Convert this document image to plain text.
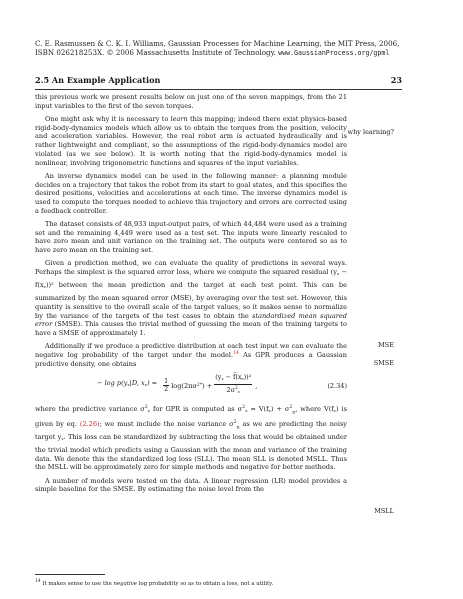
C. E. Rasmussen & C. K. I. Williams, Gaussian Processes for Machine Learning, the MIT Press, 2006,
ISBN 026218253X. © 2006 Massachusetts Institute of Technology. www.GaussianProcess.org/gpml
2.5 An Example Application	23

this previous work we present results below on just one of the seven mappings, from the 21 input variables to the first of the seven torques.

One might ask why it is necessary to learn this mapping; indeed there exist physics-based rigid-body-dynamics models which allow us to obtain the torques from the position, velocity and acceleration variables. However, the real robot arm is actuated hydraulically and is rather lightweight and compliant, so the assumptions of the rigid-body-dynamics model are violated (as we see below). It is worth noting that the rigid-body-dynamics model is nonlinear, involving trigonometric functions and squares of the input variables.

An inverse dynamics model can be used in the following manner: a planning module decides on a trajectory that takes the robot from its start to goal states, and this specifies the desired positions, velocities and accelerations at each time. The inverse dynamics model is used to compute the torques needed to achieve this trajectory and errors are corrected using a feedback controller.

The dataset consists of 48,933 input-output pairs, of which 44,484 were used as a training set and the remaining 4,449 were used as a test set. The inputs were linearly rescaled to have zero mean and unit variance on the training set. The outputs were centered so as to have zero mean on the training set.

Given a prediction method, we can evaluate the quality of predictions in several ways. Perhaps the simplest is the squared error loss, where we compute the squared residual $(y_* - f(x_*))^2$ between the mean prediction and the target at each test point. This can be summarized by the mean squared error (MSE), by averaging over the test set. However, this quantity is sensitive to the overall scale of the target values, so it makes sense to normalize by the variance of the targets of the test cases to obtain the standardized mean squared error (SMSE). This causes the trivial method of guessing the mean of the training targets to have a SMSE of approximately 1.

Additionally if we produce a predictive distribution at each test input we can evaluate the negative log probability of the target under the model.$^{14}$ As GPR produces a Gaussian predictive density, one obtains

− $\log p(y_*|D$, $x_*) = \frac{1}{2} \log(2\pi\sigma$ 2 * ) + $\frac{(y_* - f̄(x_*))^2}{2\sigma^2_*}$ ,	(2.34)

where the predictive variance $\sigma^2_*$ for GPR is computed as $\sigma^2_* = V(f_*) + \sigma^2_n$, where $V(f_*)$ is given by eq. (2.26); we must include the noise variance $\sigma^2_n$ as we are predicting the noisy target $y_*$. This loss can be standardized by subtracting the loss that would be obtained under the trivial model which predicts using a Gaussian with the mean and variance of the training data. We denote this the standardized log loss (SLL). The mean SLL is denoted MSLL. Thus the MSLL will be approximately zero for simple methods and negative for better methods.

A number of models were tested on the data. A linear regression (LR) model provides a simple baseline for the SMSE. By estimating the noise level from the

why learning?
MSE
SMSE
MSLL
$^{14}$ It makes sense to use the negative log probability so as to obtain a loss, not a utility.
